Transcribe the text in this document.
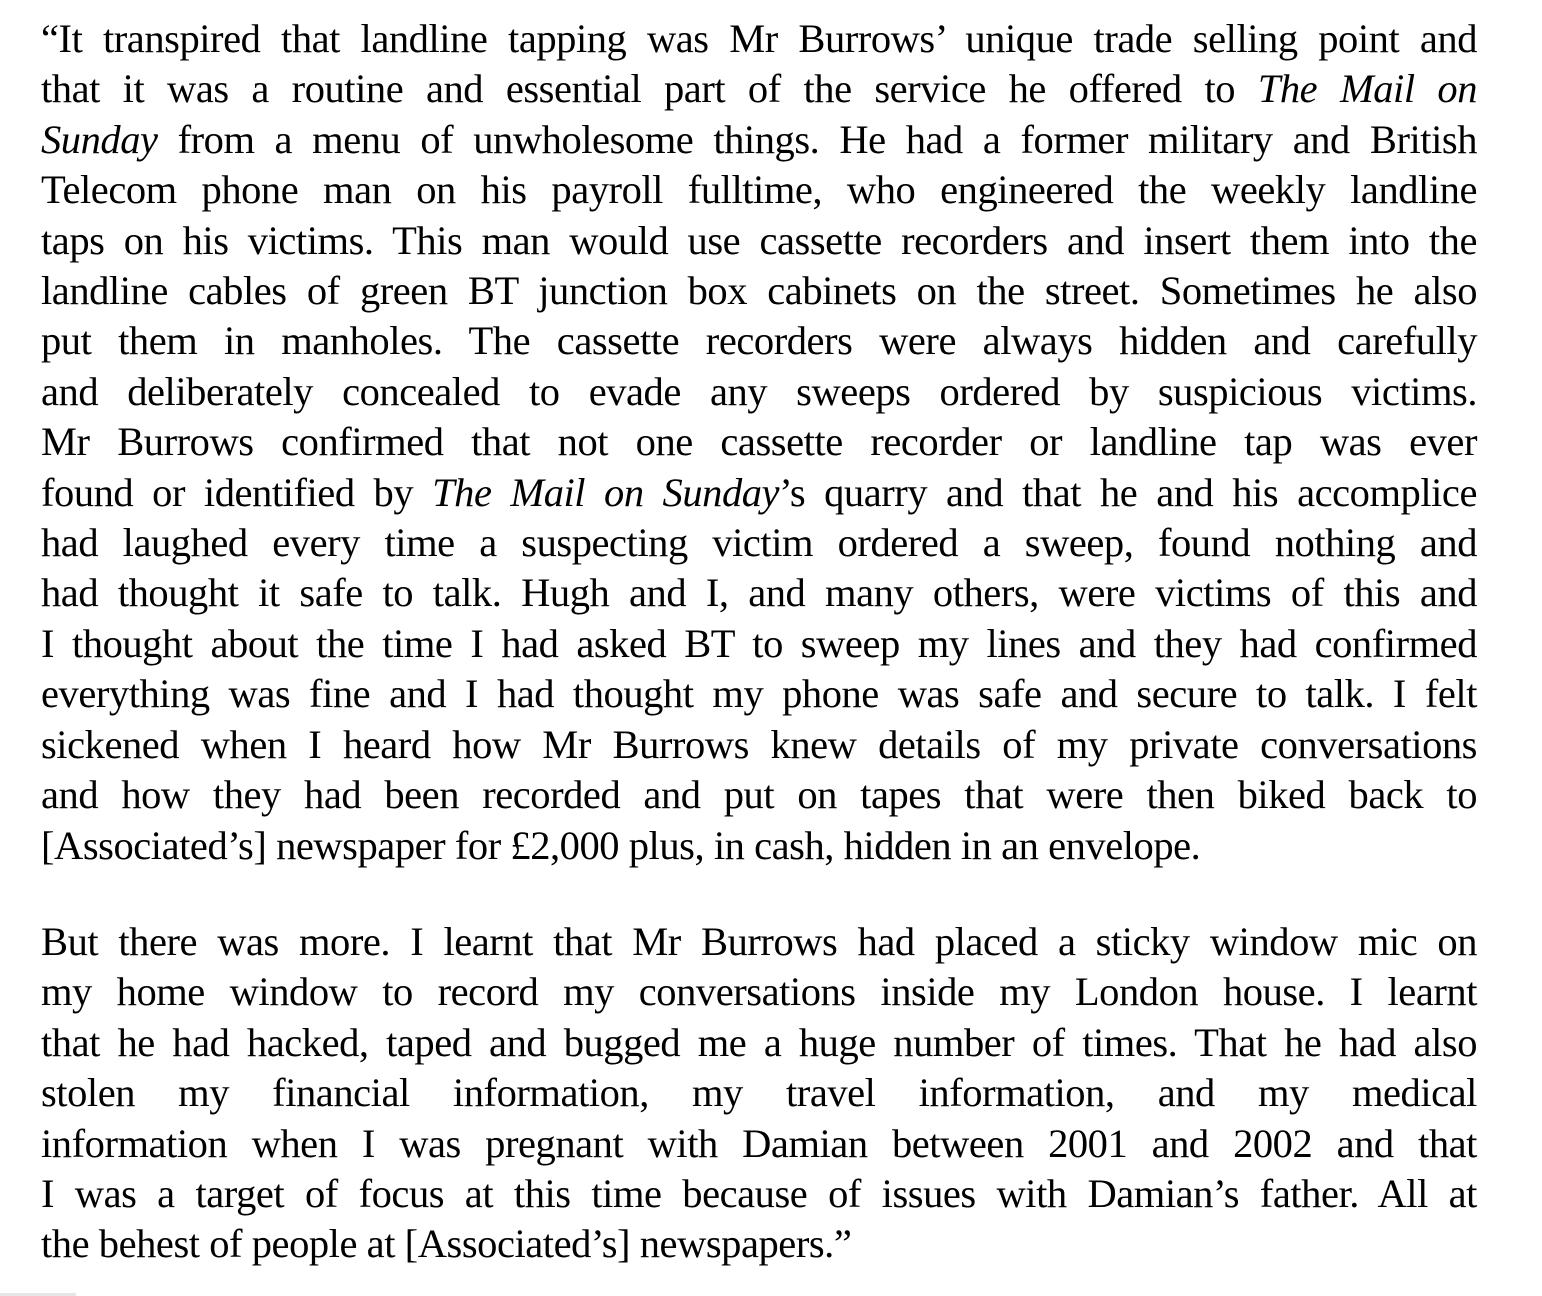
“It transpired that landline tapping was Mr Burrows’ unique trade selling point and
that it was a routine and essential part of the service he offered to The Mail on
Sunday from a menu of unwholesome things. He had a former military and British
Telecom phone man on his payroll fulltime, who engineered the weekly landline
taps on his victims. This man would use cassette recorders and insert them into the
landline cables of green BT junction box cabinets on the street. Sometimes he also
put them in manholes. The cassette recorders were always hidden and carefully
and deliberately concealed to evade any sweeps ordered by suspicious victims.
Mr Burrows confirmed that not one cassette recorder or landline tap was ever
found or identified by The Mail on Sunday’s quarry and that he and his accomplice
had laughed every time a suspecting victim ordered a sweep, found nothing and
had thought it safe to talk. Hugh and I, and many others, were victims of this and
I thought about the time I had asked BT to sweep my lines and they had confirmed
everything was fine and I had thought my phone was safe and secure to talk. I felt
sickened when I heard how Mr Burrows knew details of my private conversations
and how they had been recorded and put on tapes that were then biked back to
[Associated’s] newspaper for £2,000 plus, in cash, hidden in an envelope.
But there was more. I learnt that Mr Burrows had placed a sticky window mic on
my home window to record my conversations inside my London house. I learnt
that he had hacked, taped and bugged me a huge number of times. That he had also
stolen my financial information, my travel information, and my medical
information when I was pregnant with Damian between 2001 and 2002 and that
I was a target of focus at this time because of issues with Damian’s father. All at
the behest of people at [Associated’s] newspapers.”
